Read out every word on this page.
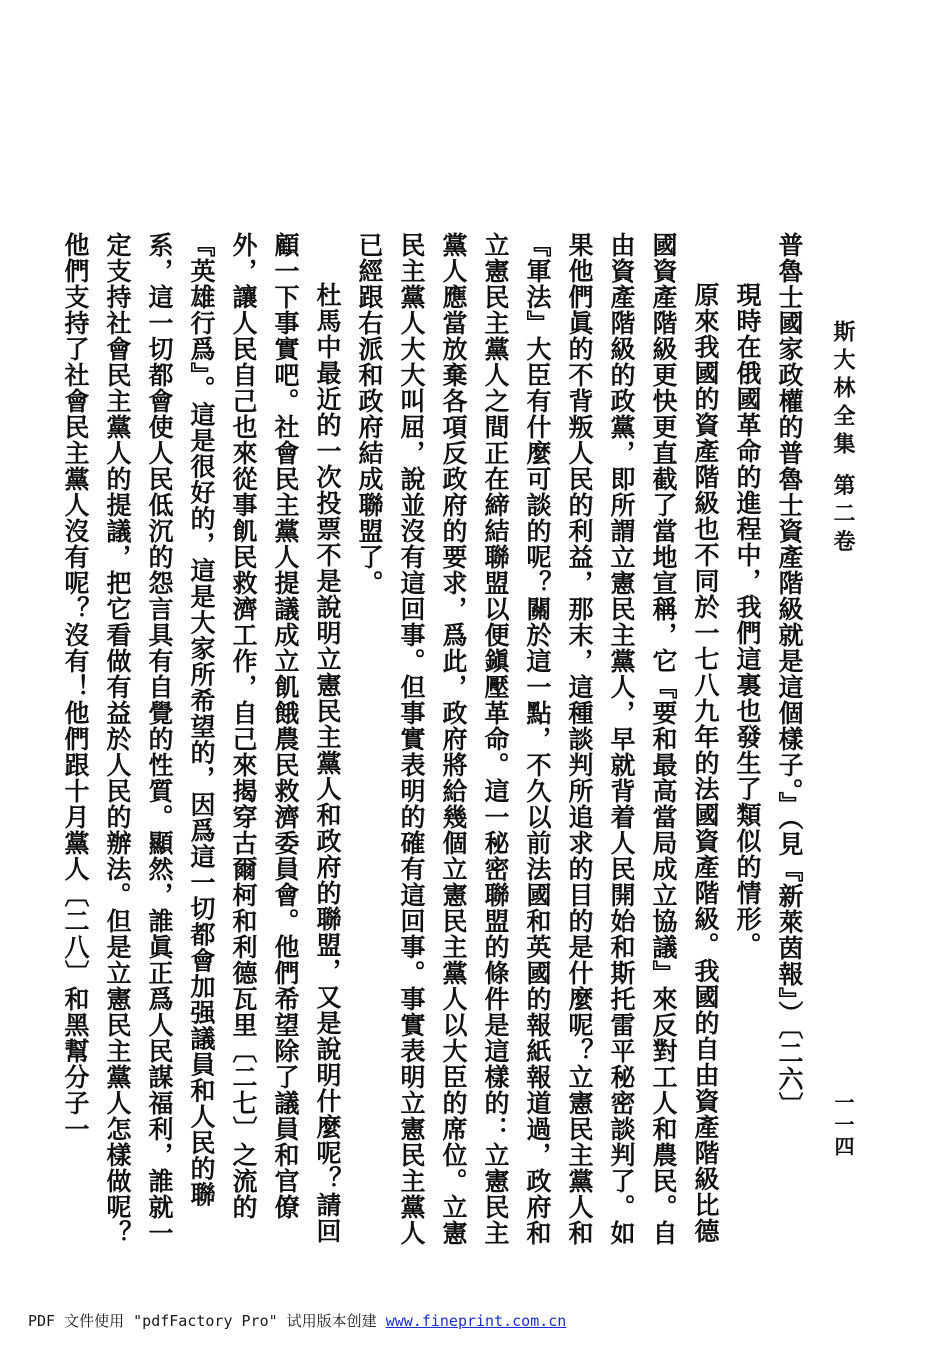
斯大林全集 第二卷
一一四

普魯士國家政權的普魯士資產階級就是這個樣子。』（見『新萊茵報』）〔二六〕

現時在俄國革命的進程中，我們這裏也發生了類似的情形。

原來我國的資產階級也不同於一七八九年的法國資產階級。我國的自由資產階級比德國資產階級更快更直截了當地宣稱，它『要和最高當局成立協議』來反對工人和農民。自由資產階級的政黨，即所謂立憲民主黨人，早就背着人民開始和斯托雷平秘密談判了。如果他們眞的不背叛人民的利益，那末，這種談判所追求的目的是什麼呢？立憲民主黨人和『軍法』大臣有什麼可談的呢？關於這一點，不久以前法國和英國的報紙報道過，政府和立憲民主黨人之間正在締結聯盟以便鎭壓革命。這一秘密聯盟的條件是這樣的：立憲民主黨人應當放棄各項反政府的要求，爲此，政府將給幾個立憲民主黨人以大臣的席位。立憲民主黨人大大叫屈，說並沒有這回事。但事實表明的確有這回事。事實表明立憲民主黨人已經跟右派和政府結成聯盟了。

杜馬中最近的一次投票不是說明立憲民主黨人和政府的聯盟，又是說明什麼呢？請回顧一下事實吧。社會民主黨人提議成立飢餓農民救濟委員會。他們希望除了議員和官僚外，讓人民自己也來從事飢民救濟工作，自己來揭穿古爾柯和利德瓦里〔二七〕之流的『英雄行爲』。這是很好的，這是大家所希望的，因爲這一切都會加强議員和人民的聯系，這一切都會使人民低沉的怨言具有自覺的性質。顯然，誰眞正爲人民謀福利，誰就一定支持社會民主黨人的提議，把它看做有益於人民的辦法。但是立憲民主黨人怎樣做呢？他們支持了社會民主黨人沒有呢？沒有！他們跟十月黨人〔二八〕和黑幫分子一

PDF 文件使用 "pdfFactory Pro" 试用版本创建 www.fineprint.com.cn
